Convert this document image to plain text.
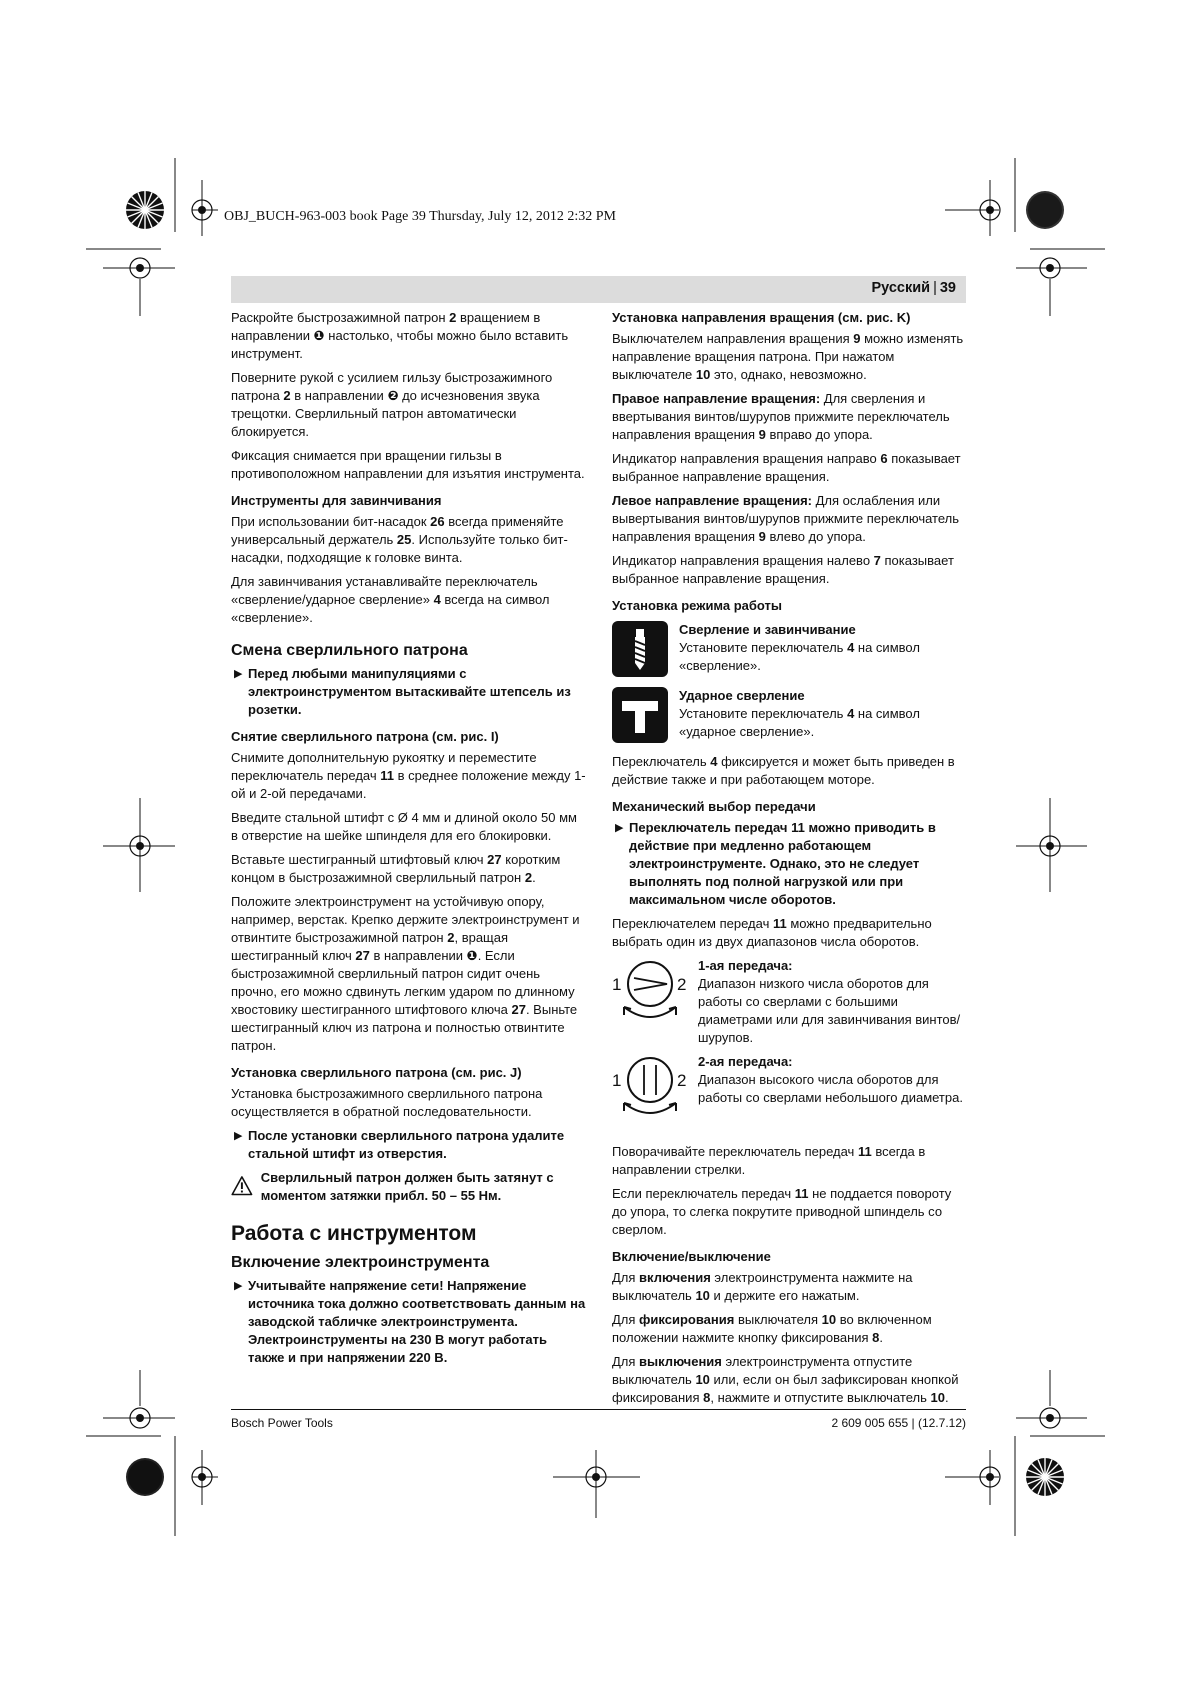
OBJ_BUCH-963-003 book Page 39 Thursday, July 12, 2012 2:32 PM
Русский | 39

Раскройте быстрозажимной патрон 2 вращением в направлении ❶ настолько, чтобы можно было вставить инструмент.

Поверните рукой с усилием гильзу быстрозажимного патрона 2 в направлении ❷ до исчезновения звука трещотки. Сверлильный патрон автоматически блокируется.

Фиксация снимается при вращении гильзы в противоположном направлении для изъятия инструмента.

Инструменты для завинчивания

При использовании бит-насадок 26 всегда применяйте универсальный держатель 25. Используйте только бит-насадки, подходящие к головке винта.

Для завинчивания устанавливайте переключатель «сверление/ударное сверление» 4 всегда на символ «сверление».

Смена сверлильного патрона

▶ Перед любыми манипуляциями с электроинструментом вытаскивайте штепсель из розетки.

Снятие сверлильного патрона (см. рис. I)

Снимите дополнительную рукоятку и переместите переключатель передач 11 в среднее положение между 1-ой и 2-ой передачами.

Введите стальной штифт с Ø 4 мм и длиной около 50 мм в отверстие на шейке шпинделя для его блокировки.

Вставьте шестигранный штифтовый ключ 27 коротким концом в быстрозажимной сверлильный патрон 2.

Положите электроинструмент на устойчивую опору, например, верстак. Крепко держите электроинструмент и отвинтите быстрозажимной патрон 2, вращая шестигранный ключ 27 в направлении ❶. Если быстрозажимной сверлильный патрон сидит очень прочно, его можно сдвинуть легким ударом по длинному хвостовику шестигранного штифтового ключа 27. Выньте шестигранный ключ из патрона и полностью отвинтите патрон.

Установка сверлильного патрона (см. рис. J)

Установка быстрозажимного сверлильного патрона осуществляется в обратной последовательности.

▶ После установки сверлильного патрона удалите стальной штифт из отверстия.

Сверлильный патрон должен быть затянут с моментом затяжки прибл. 50 – 55 Нм.
Работа с инструментом
Включение электроинструмента

▶ Учитывайте напряжение сети! Напряжение источника тока должно соответствовать данным на заводской табличке электроинструмента. Электроинструменты на 230 В могут работать также и при напряжении 220 В.

Установка направления вращения (см. рис. K)

Выключателем направления вращения 9 можно изменять направление вращения патрона. При нажатом выключателе 10 это, однако, невозможно.

Правое направление вращения: Для сверления и ввертывания винтов/шурупов прижмите переключатель направления вращения 9 вправо до упора.

Индикатор направления вращения направо 6 показывает выбранное направление вращения.

Левое направление вращения: Для ослабления или вывертывания винтов/шурупов прижмите переключатель направления вращения 9 влево до упора.

Индикатор направления вращения налево 7 показывает выбранное направление вращения.

Установка режима работы
Сверление и завинчивание
Установите переключатель 4 на символ «сверление».
Ударное сверление
Установите переключатель 4 на символ «ударное сверление».

Переключатель 4 фиксируется и может быть приведен в действие также и при работающем моторе.

Механический выбор передачи

▶ Переключатель передач 11 можно приводить в действие при медленно работающем электроинструменте. Однако, это не следует выполнять под полной нагрузкой или при максимальном числе оборотов.

Переключателем передач 11 можно предварительно выбрать один из двух диапазонов числа оборотов.

1	2
1-ая передача:
Диапазон низкого числа оборотов для работы со сверлами с большими диаметрами или для завинчивания винтов/шурупов.
1	2
2-ая передача:
Диапазон высокого числа оборотов для работы со сверлами небольшого диаметра.

Поворачивайте переключатель передач 11 всегда в направлении стрелки.

Если переключатель передач 11 не поддается повороту до упора, то слегка покрутите приводной шпиндель со сверлом.

Включение/выключение

Для включения электроинструмента нажмите на выключатель 10 и держите его нажатым.

Для фиксирования выключателя 10 во включенном положении нажмите кнопку фиксирования 8.

Для выключения электроинструмента отпустите выключатель 10 или, если он был зафиксирован кнопкой фиксирования 8, нажмите и отпустите выключатель 10.

Bosch Power Tools	2 609 005 655 | (12.7.12)
